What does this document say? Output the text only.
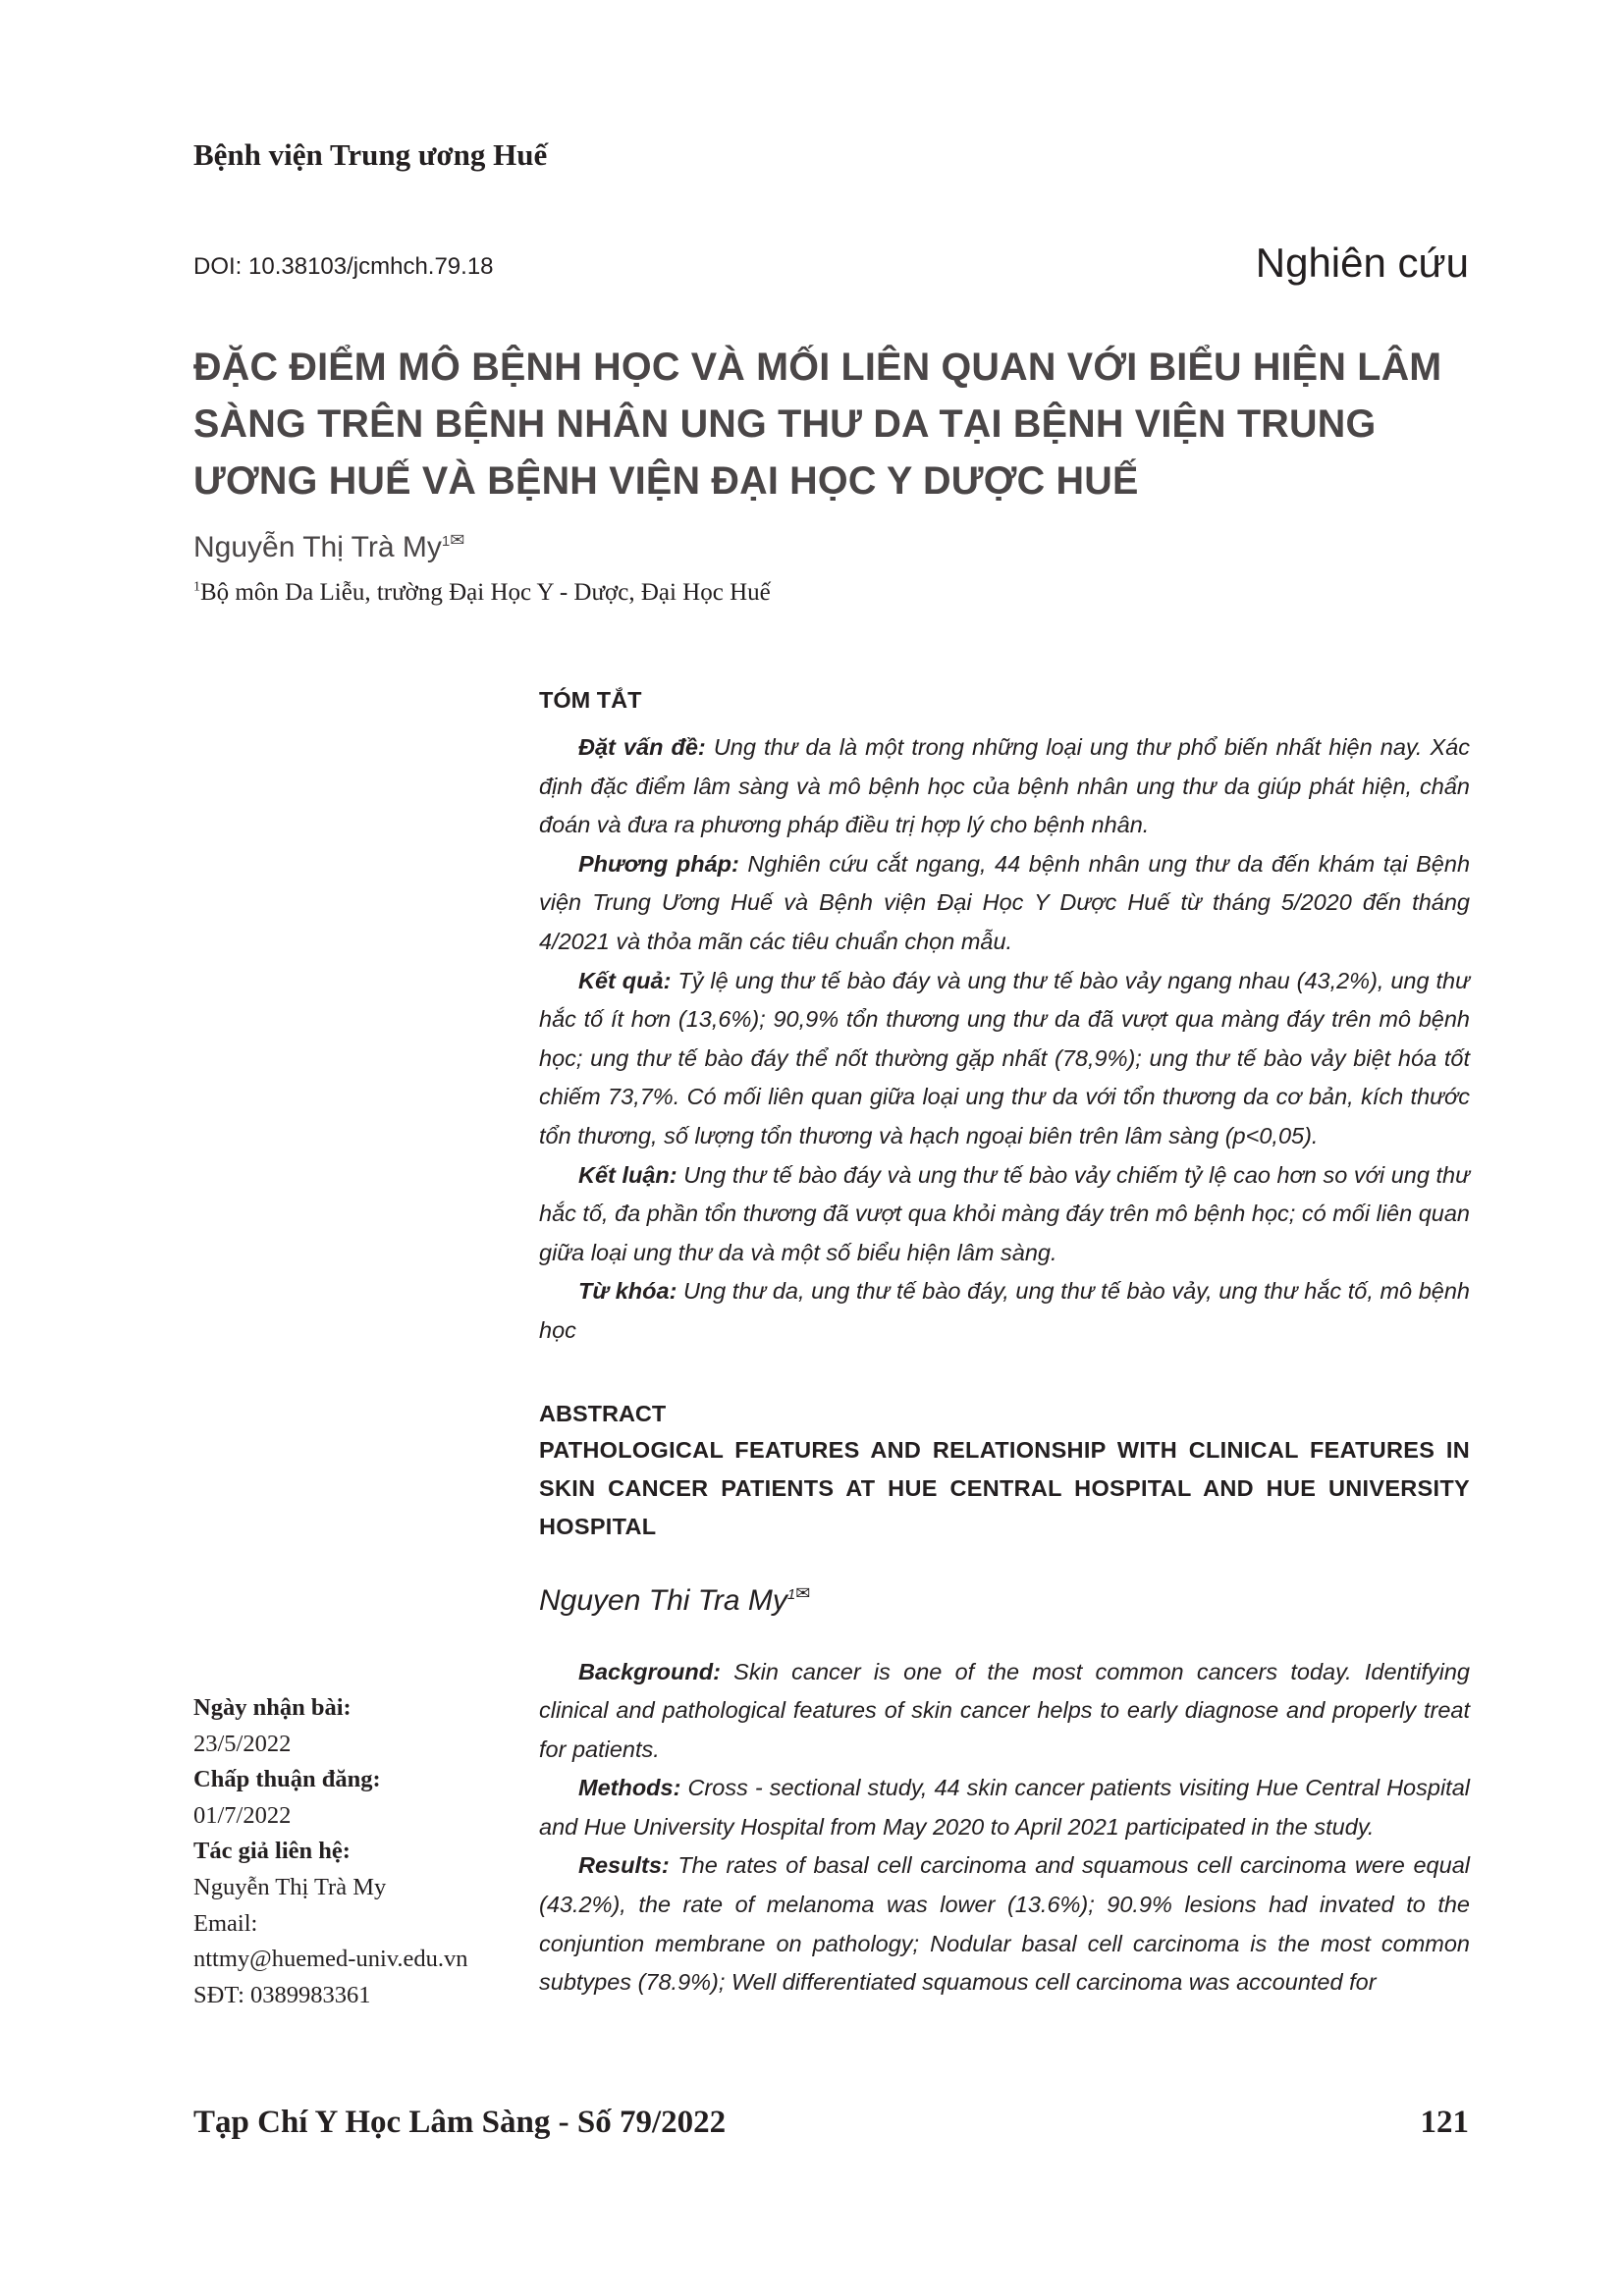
Bệnh viện Trung ương Huế
DOI: 10.38103/jcmhch.79.18	Nghiên cứu
ĐẶC ĐIỂM MÔ BỆNH HỌC VÀ MỐI LIÊN QUAN VỚI BIỂU HIỆN LÂM SÀNG TRÊN BỆNH NHÂN UNG THƯ DA TẠI BỆNH VIỆN TRUNG ƯƠNG HUẾ VÀ BỆNH VIỆN ĐẠI HỌC Y DƯỢC HUẾ
Nguyễn Thị Trà $My^{1✉}$
$^1$Bộ môn Da Liễu, trường Đại Học Y - Dược, Đại Học Huế

TÓM TẮT

Đặt vấn đề: Ung thư da là một trong những loại ung thư phổ biến nhất hiện nay. Xác định đặc điểm lâm sàng và mô bệnh học của bệnh nhân ung thư da giúp phát hiện, chẩn đoán và đưa ra phương pháp điều trị hợp lý cho bệnh nhân.

Phương pháp: Nghiên cứu cắt ngang, 44 bệnh nhân ung thư da đến khám tại Bệnh viện Trung Ương Huế và Bệnh viện Đại Học Y Dược Huế từ tháng 5/2020 đến tháng 4/2021 và thỏa mãn các tiêu chuẩn chọn mẫu.

Kết quả: Tỷ lệ ung thư tế bào đáy và ung thư tế bào vảy ngang nhau (43,2%), ung thư hắc tố ít hơn (13,6%); 90,9% tổn thương ung thư da đã vượt qua màng đáy trên mô bệnh học; ung thư tế bào đáy thể nốt thường gặp nhất (78,9%); ung thư tế bào vảy biệt hóa tốt chiếm 73,7%. Có mối liên quan giữa loại ung thư da với tổn thương da cơ bản, kích thước tổn thương, số lượng tổn thương và hạch ngoại biên trên lâm sàng (p<0,05).

Kết luận: Ung thư tế bào đáy và ung thư tế bào vảy chiếm tỷ lệ cao hơn so với ung thư hắc tố, đa phần tổn thương đã vượt qua khỏi màng đáy trên mô bệnh học; có mối liên quan giữa loại ung thư da và một số biểu hiện lâm sàng.

Từ khóa: Ung thư da, ung thư tế bào đáy, ung thư tế bào vảy, ung thư hắc tố, mô bệnh học

ABSTRACT

PATHOLOGICAL FEATURES AND RELATIONSHIP WITH CLINICAL FEATURES IN SKIN CANCER PATIENTS AT HUE CENTRAL HOSPITAL AND HUE UNIVERSITY HOSPITAL

Nguyen Thi Tra $My^{1✉}$

Background: Skin cancer is one of the most common cancers today. Identifying clinical and pathological features of skin cancer helps to early diagnose and properly treat for patients.

Methods: Cross - sectional study, 44 skin cancer patients visiting Hue Central Hospital and Hue University Hospital from May 2020 to April 2021 participated in the study.

Results: The rates of basal cell carcinoma and squamous cell carcinoma were equal (43.2%), the rate of melanoma was lower (13.6%); 90.9% lesions had invated to the conjuntion membrane on pathology; Nodular basal cell carcinoma is the most common subtypes (78.9%); Well differentiated squamous cell carcinoma was accounted for

Ngày nhận bài:
23/5/2022
Chấp thuận đăng:
01/7/2022
Tác giả liên hệ:
Nguyễn Thị Trà My
Email:
nttmy@huemed-univ.edu.vn
SĐT: 0389983361
Tạp Chí Y Học Lâm Sàng - Số 79/2022	121
